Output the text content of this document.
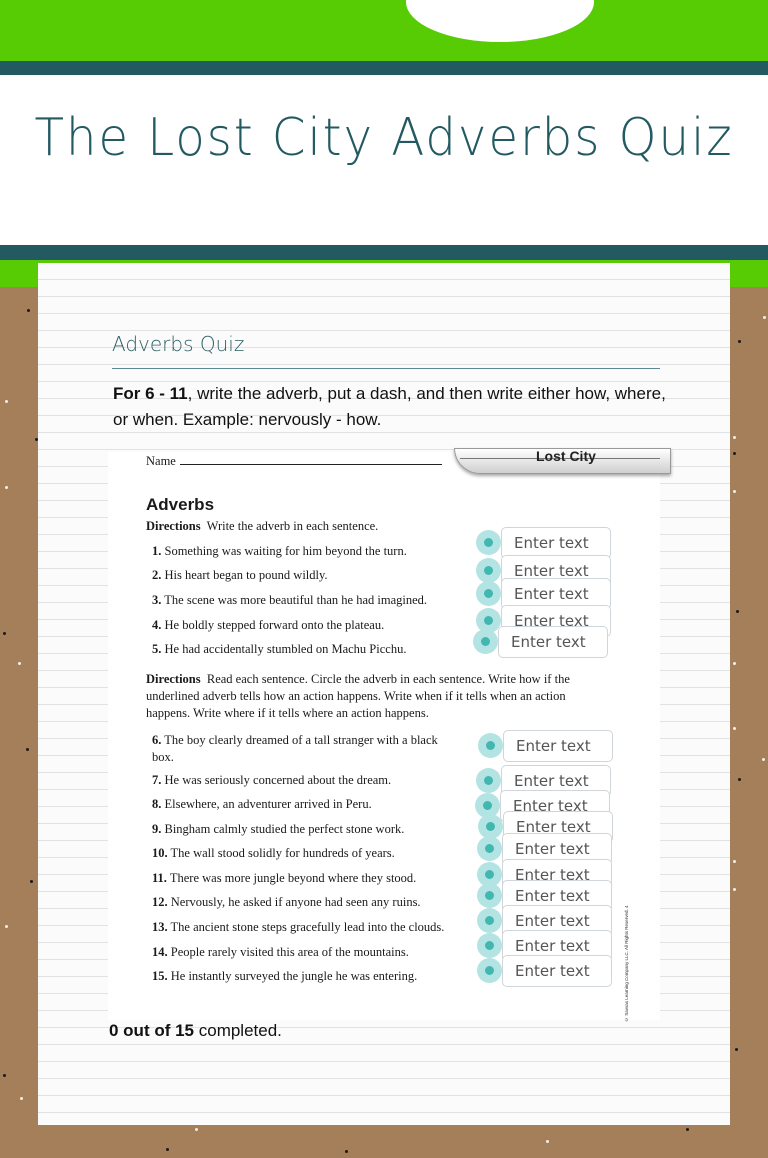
The Lost City Adverbs Quiz
Adverbs Quiz
For 6 - 11, write the adverb, put a dash, and then write either how, where, or when. Example: nervously - how.
Name	Lost City
Adverbs
Directions Write the adverb in each sentence.
1. Something was waiting for him beyond the turn.
2. His heart began to pound wildly.
3. The scene was more beautiful than he had imagined.
4. He boldly stepped forward onto the plateau.
5. He had accidentally stumbled on Machu Picchu.
Directions Read each sentence. Circle the adverb in each sentence. Write how if the underlined adverb tells how an action happens. Write when if it tells when an action happens. Write where if it tells where an action happens.
6. The boy clearly dreamed of a tall stranger with a black box.
7. He was seriously concerned about the dream.
8. Elsewhere, an adventurer arrived in Peru.
9. Bingham calmly studied the perfect stone work.
10. The wall stood solidly for hundreds of years.
11. There was more jungle beyond where they stood.
12. Nervously, he asked if anyone had seen any ruins.
13. The ancient stone steps gracefully lead into the clouds.
14. People rarely visited this area of the mountains.
15. He instantly surveyed the jungle he was entering.	© Savvas Learning Company LLC. All Rights Reserved. 4
Enter text
Enter text
Enter text
Enter text
Enter text
Enter text
Enter text
Enter text
Enter text
Enter text
Enter text
Enter text
Enter text
Enter text
Enter text
0 out of 15 completed.
